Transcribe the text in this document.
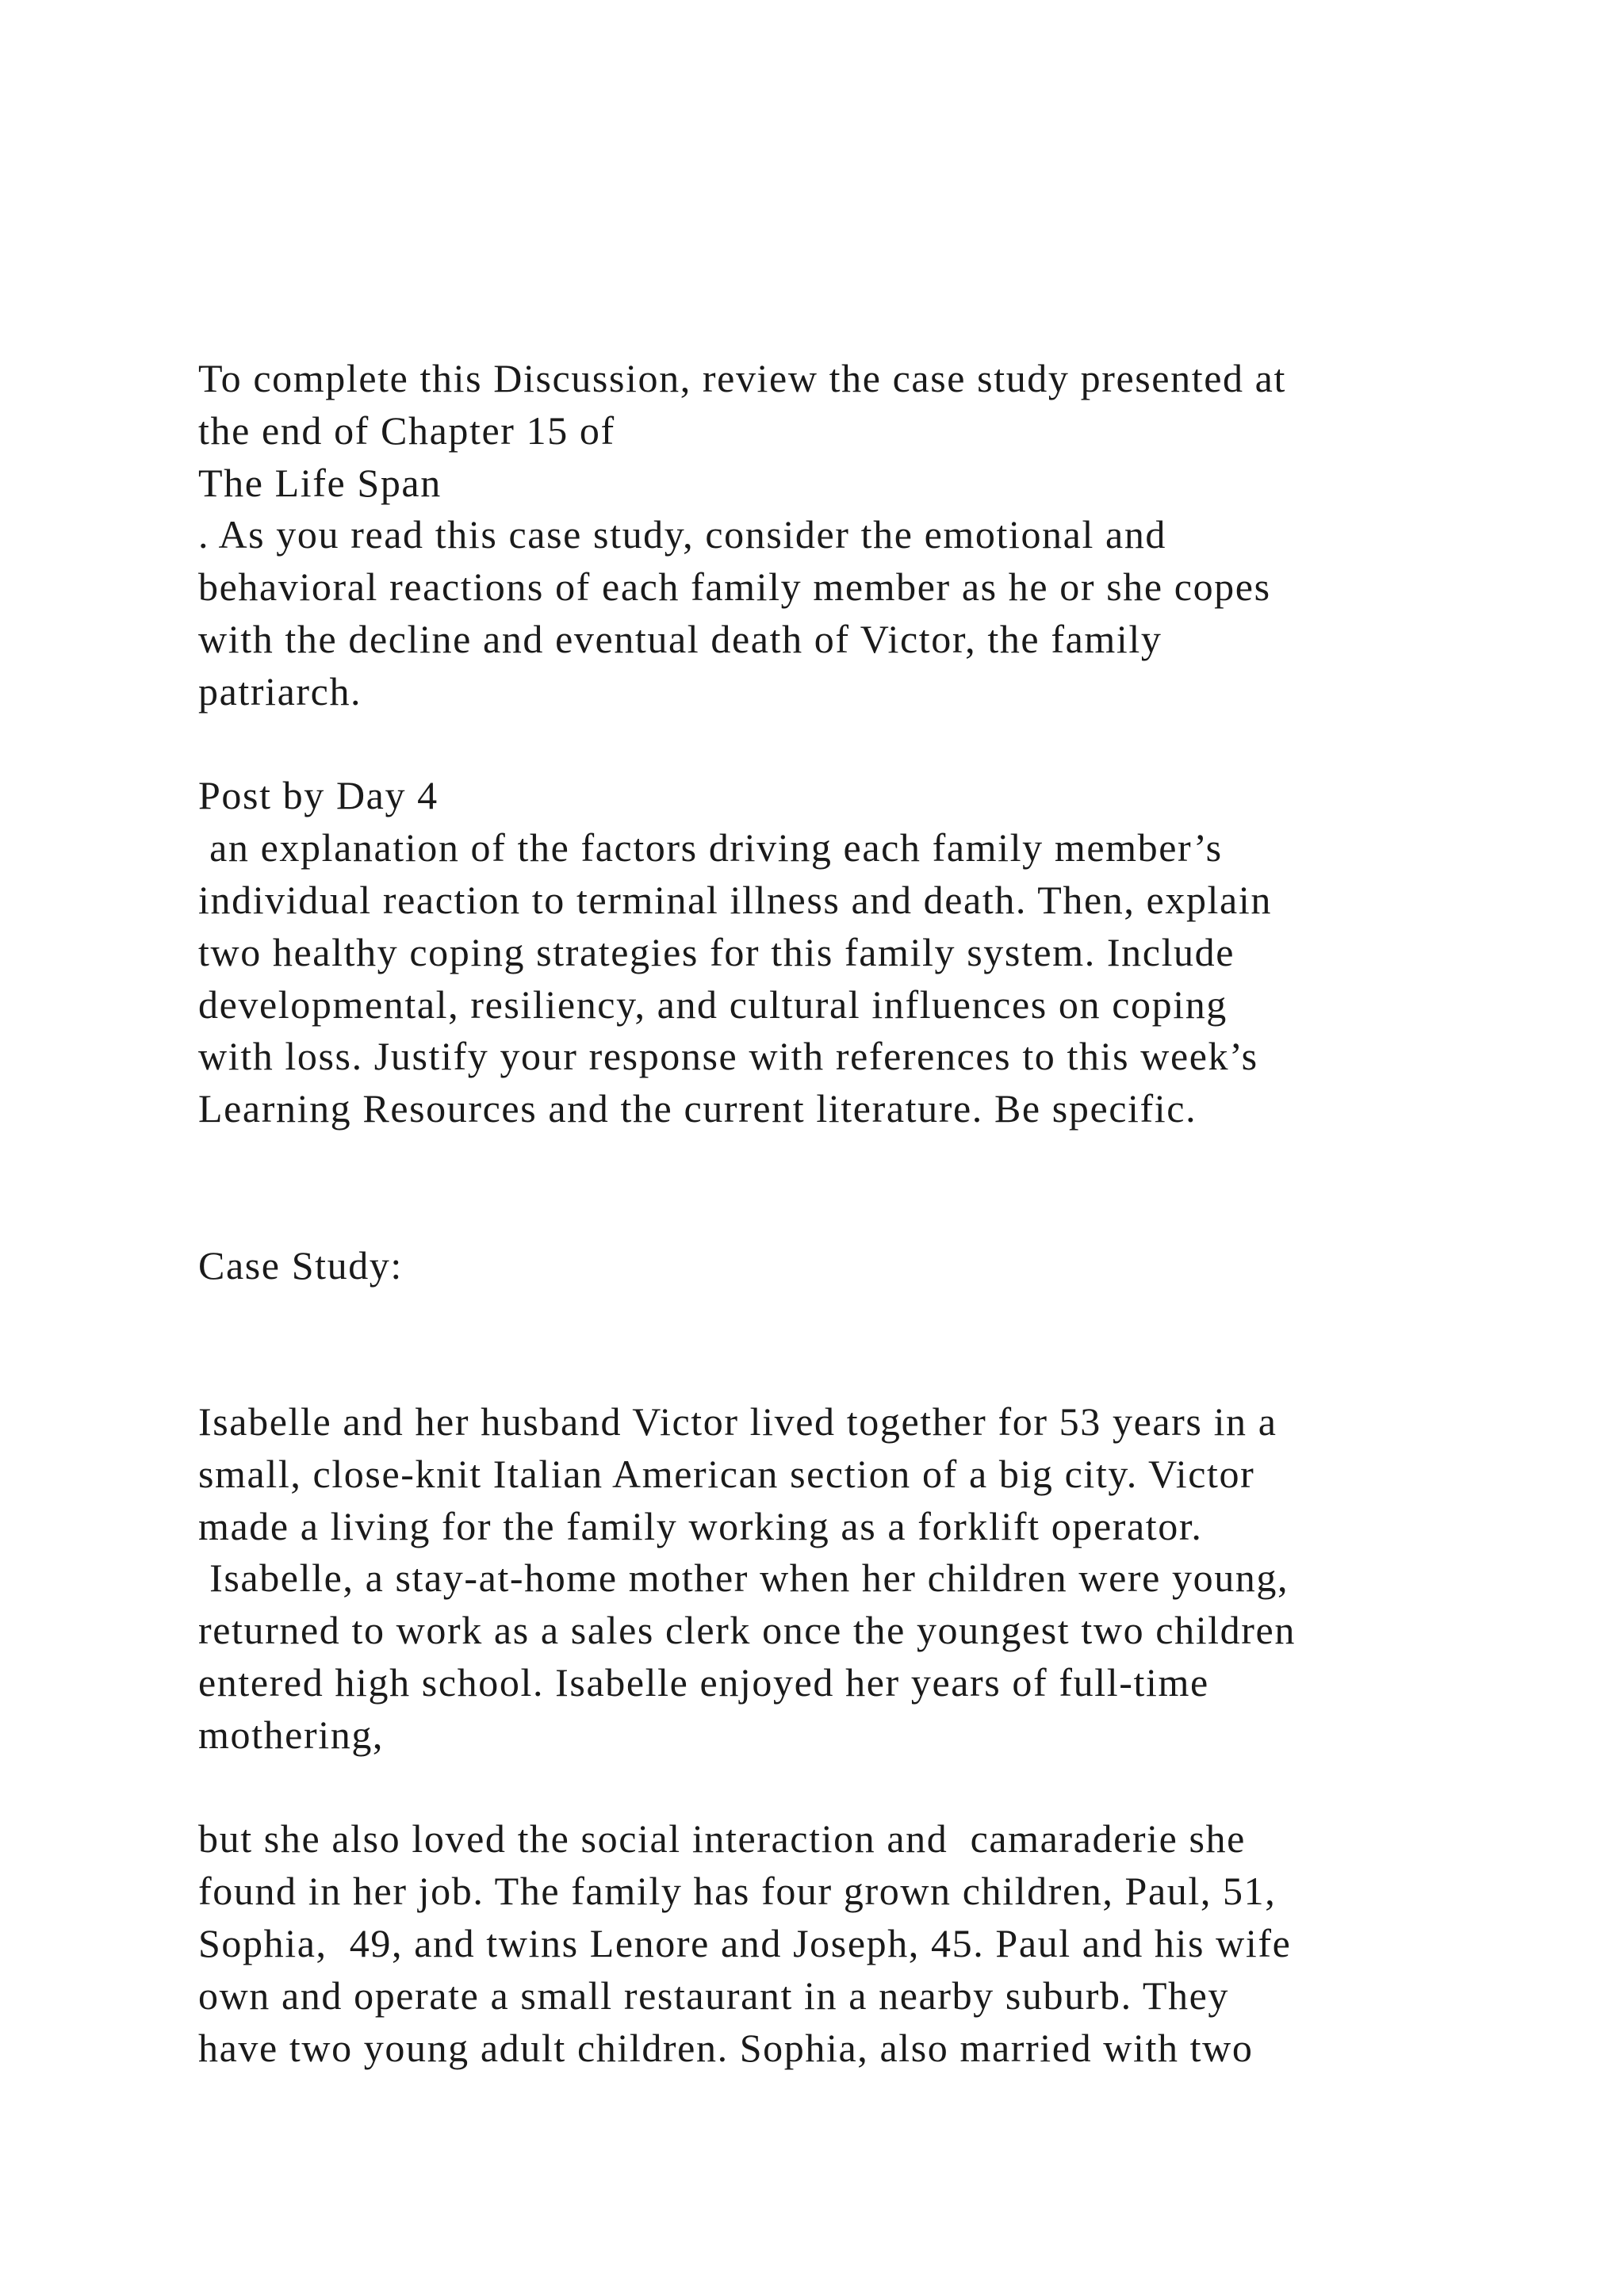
To complete this Discussion, review the case study presented at
the end of Chapter 15 of
The Life Span
. As you read this case study, consider the emotional and
behavioral reactions of each family member as he or she copes
with the decline and eventual death of Victor, the family
patriarch.
Post by Day 4
an explanation of the factors driving each family member’s
individual reaction to terminal illness and death. Then, explain
two healthy coping strategies for this family system. Include
developmental, resiliency, and cultural influences on coping
with loss. Justify your response with references to this week’s
Learning Resources and the current literature. Be specific.
Case Study:
Isabelle and her husband Victor lived together for 53 years in a
small, close-knit Italian American section of a big city. Victor
made a living for the family working as a forklift operator.
Isabelle, a stay-at-home mother when her children were young,
returned to work as a sales clerk once the youngest two children
entered high school. Isabelle enjoyed her years of full-time
mothering,
but she also loved the social interaction and  camaraderie she
found in her job. The family has four grown children, Paul, 51,
Sophia,  49, and twins Lenore and Joseph, 45. Paul and his wife
own and operate a small restaurant in a nearby suburb. They
have two young adult children. Sophia, also married with two
